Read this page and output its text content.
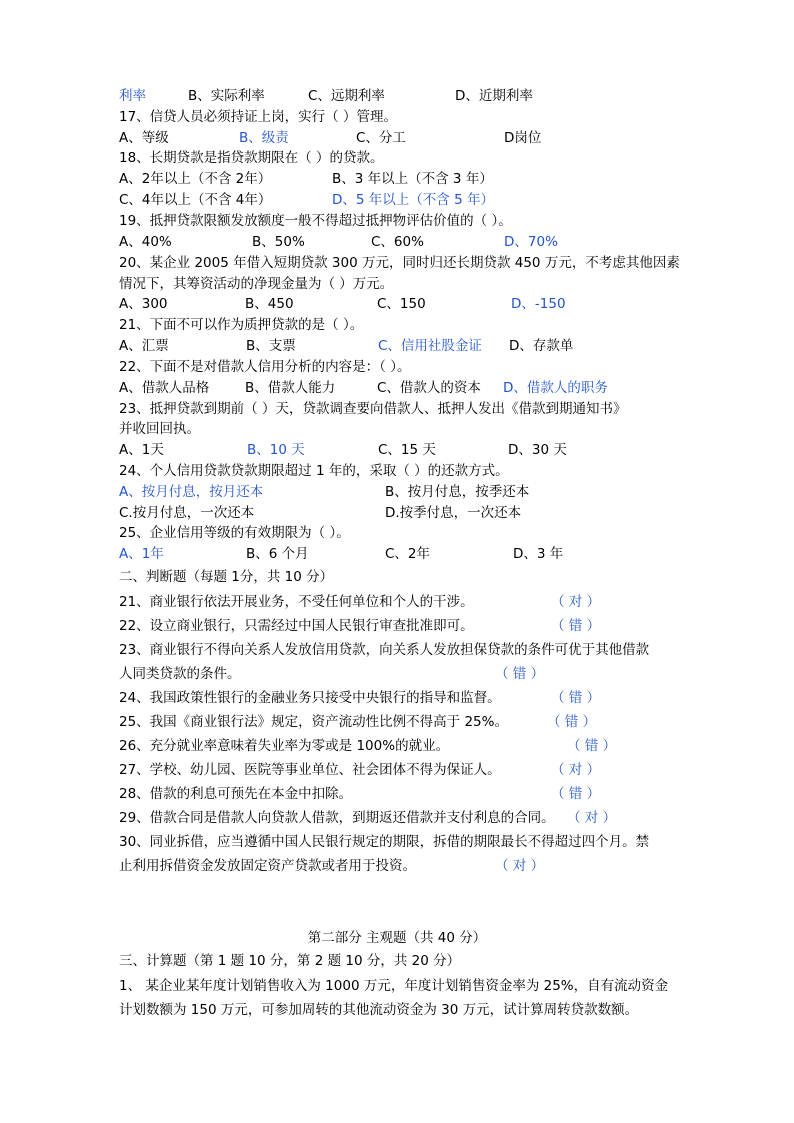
利率	B、实际利率	C、远期利率	D、近期利率
17、信贷人员必须持证上岗，实行（ ）管理。
A、等级	B、级责	C、分工	D岗位
18、长期贷款是指贷款期限在（ ）的贷款。
A、2年以上（不含 2年）	B、3 年以上（不含 3 年）
C、4年以上（不含 4年）	D、5 年以上（不含 5 年）
19、抵押贷款限额发放额度一般不得超过抵押物评估价值的（ ）。
A、40%	B、50%	C、60%	D、70%
20、某企业 2005 年借入短期贷款 300 万元，同时归还长期贷款 450 万元，不考虑其他因素
情况下，其筹资活动的净现金量为（ ）万元。
A、300	B、450	C、150	D、-150
21、下面不可以作为质押贷款的是（ ）。
A、汇票	B、支票	C、信用社股金证 D、存款单
22、下面不是对借款人信用分析的内容是：（ ）。
A、借款人品格	B、借款人能力	C、借款人的资本 D、借款人的职务
23、抵押贷款到期前（ ）天，贷款调查要向借款人、抵押人发出《借款到期通知书》
并收回回执。
A、1天	B、10 天	C、15 天	D、30 天
24、个人信用贷款贷款期限超过 1 年的，采取（ ）的还款方式。
A、按月付息，按月还本	B、按月付息，按季还本
C.按月付息，一次还本	D.按季付息，一次还本
25、企业信用等级的有效期限为（ ）。
A、1年	B、6 个月	C、2年	D、3 年
二、判断题（每题 1分，共 10 分）
21、商业银行依法开展业务，不受任何单位和个人的干涉。	（ 对 ）
22、设立商业银行，只需经过中国人民银行审查批准即可。	（ 错 ）
23、商业银行不得向关系人发放信用贷款，向关系人发放担保贷款的条件可优于其他借款
人同类贷款的条件。	（ 错 ）
24、我国政策性银行的金融业务只接受中央银行的指导和监督。	（ 错 ）
25、我国《商业银行法》规定，资产流动性比例不得高于 25%。	（ 错 ）
26、充分就业率意味着失业率为零或是 100%的就业。	（ 错 ）
27、学校、幼儿园、医院等事业单位、社会团体不得为保证人。	（ 对 ）
28、借款的利息可预先在本金中扣除。	（ 错 ）
29、借款合同是借款人向贷款人借款，到期返还借款并支付利息的合同。 （ 对 ）
30、同业拆借，应当遵循中国人民银行规定的期限，拆借的期限最长不得超过四个月。禁
止利用拆借资金发放固定资产贷款或者用于投资。	（ 对 ）
第二部分 主观题（共 40 分）
三、计算题（第 1 题 10 分，第 2 题 10 分，共 20 分）
1、 某企业某年度计划销售收入为 1000 万元，年度计划销售资金率为 25%，自有流动资金
计划数额为 150 万元，可参加周转的其他流动资金为 30 万元，试计算周转贷款数额。
